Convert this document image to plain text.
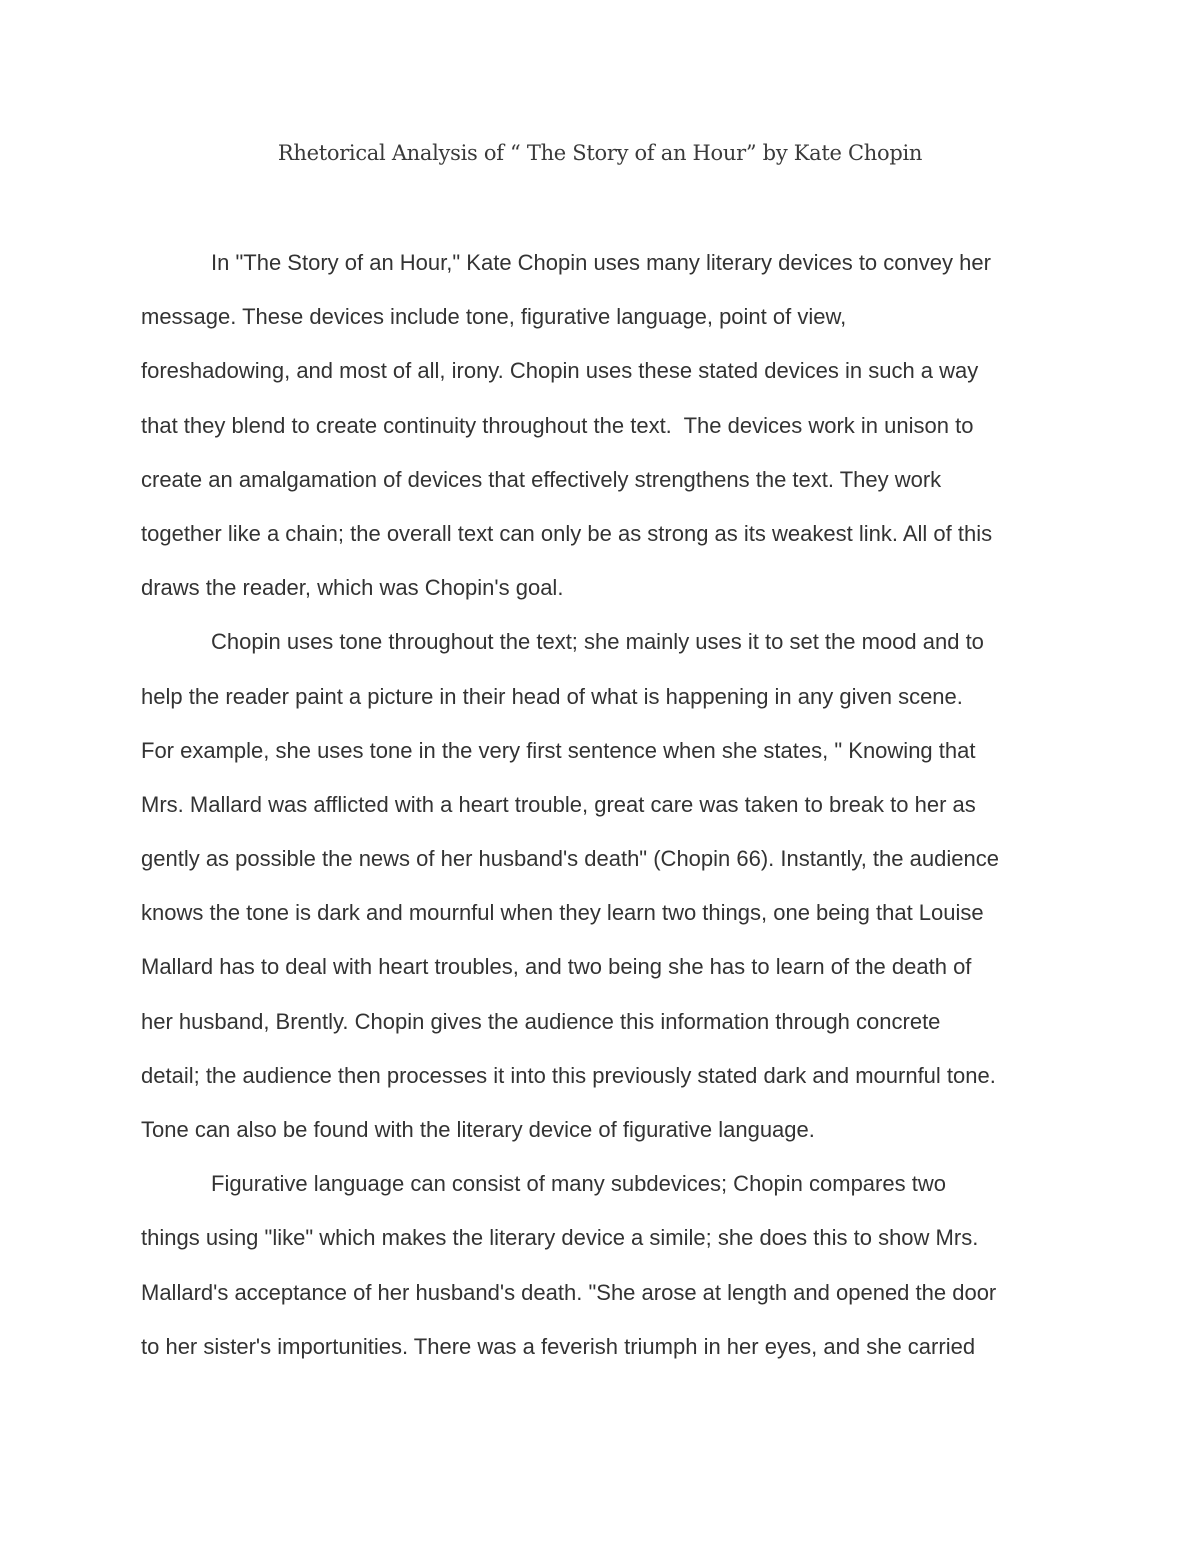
Rhetorical Analysis of “ The Story of an Hour” by Kate Chopin
In "The Story of an Hour," Kate Chopin uses many literary devices to convey her
message. These devices include tone, figurative language, point of view,
foreshadowing, and most of all, irony. Chopin uses these stated devices in such a way
that they blend to create continuity throughout the text.  The devices work in unison to
create an amalgamation of devices that effectively strengthens the text. They work
together like a chain; the overall text can only be as strong as its weakest link. All of this
draws the reader, which was Chopin's goal.
Chopin uses tone throughout the text; she mainly uses it to set the mood and to
help the reader paint a picture in their head of what is happening in any given scene.
For example, she uses tone in the very first sentence when she states, " Knowing that
Mrs. Mallard was afflicted with a heart trouble, great care was taken to break to her as
gently as possible the news of her husband's death" (Chopin 66). Instantly, the audience
knows the tone is dark and mournful when they learn two things, one being that Louise
Mallard has to deal with heart troubles, and two being she has to learn of the death of
her husband, Brently. Chopin gives the audience this information through concrete
detail; the audience then processes it into this previously stated dark and mournful tone.
Tone can also be found with the literary device of figurative language.
Figurative language can consist of many subdevices; Chopin compares two
things using "like" which makes the literary device a simile; she does this to show Mrs.
Mallard's acceptance of her husband's death. "She arose at length and opened the door
to her sister's importunities. There was a feverish triumph in her eyes, and she carried
